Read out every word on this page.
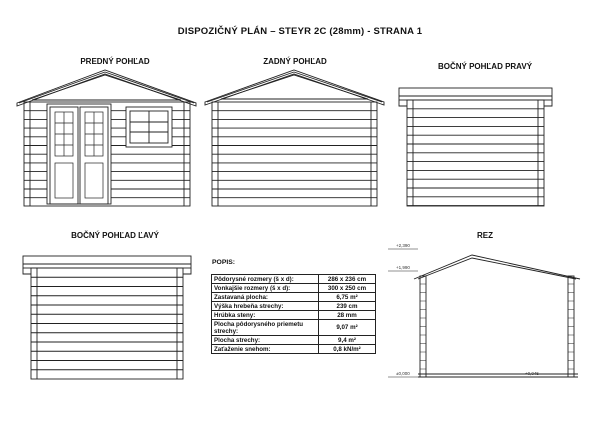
DISPOZIČNÝ PLÁN – STEYR 2C (28mm) - STRANA 1
PREDNÝ POHĽAD	ZADNÝ POHĽAD
BOČNÝ POHĽAD PRAVÝ
BOČNÝ POHĽAD ĽAVÝ	REZ
+2,390
+1,990
±0,000	+0,045
POPIS:
Pôdorysné rozmery (š x d):	286 x 236 cm
Vonkajšie rozmery (š x d):	300 x 250 cm
Zastavaná plocha:	6,75 m²
Výška hrebeňa strechy:	239 cm
Hrúbka steny:	28 mm
Plocha pôdorysného priemetu strechy:	9,07 m²
Plocha strechy:	9,4 m²
Zaťaženie snehom:	0,8 kN/m²
